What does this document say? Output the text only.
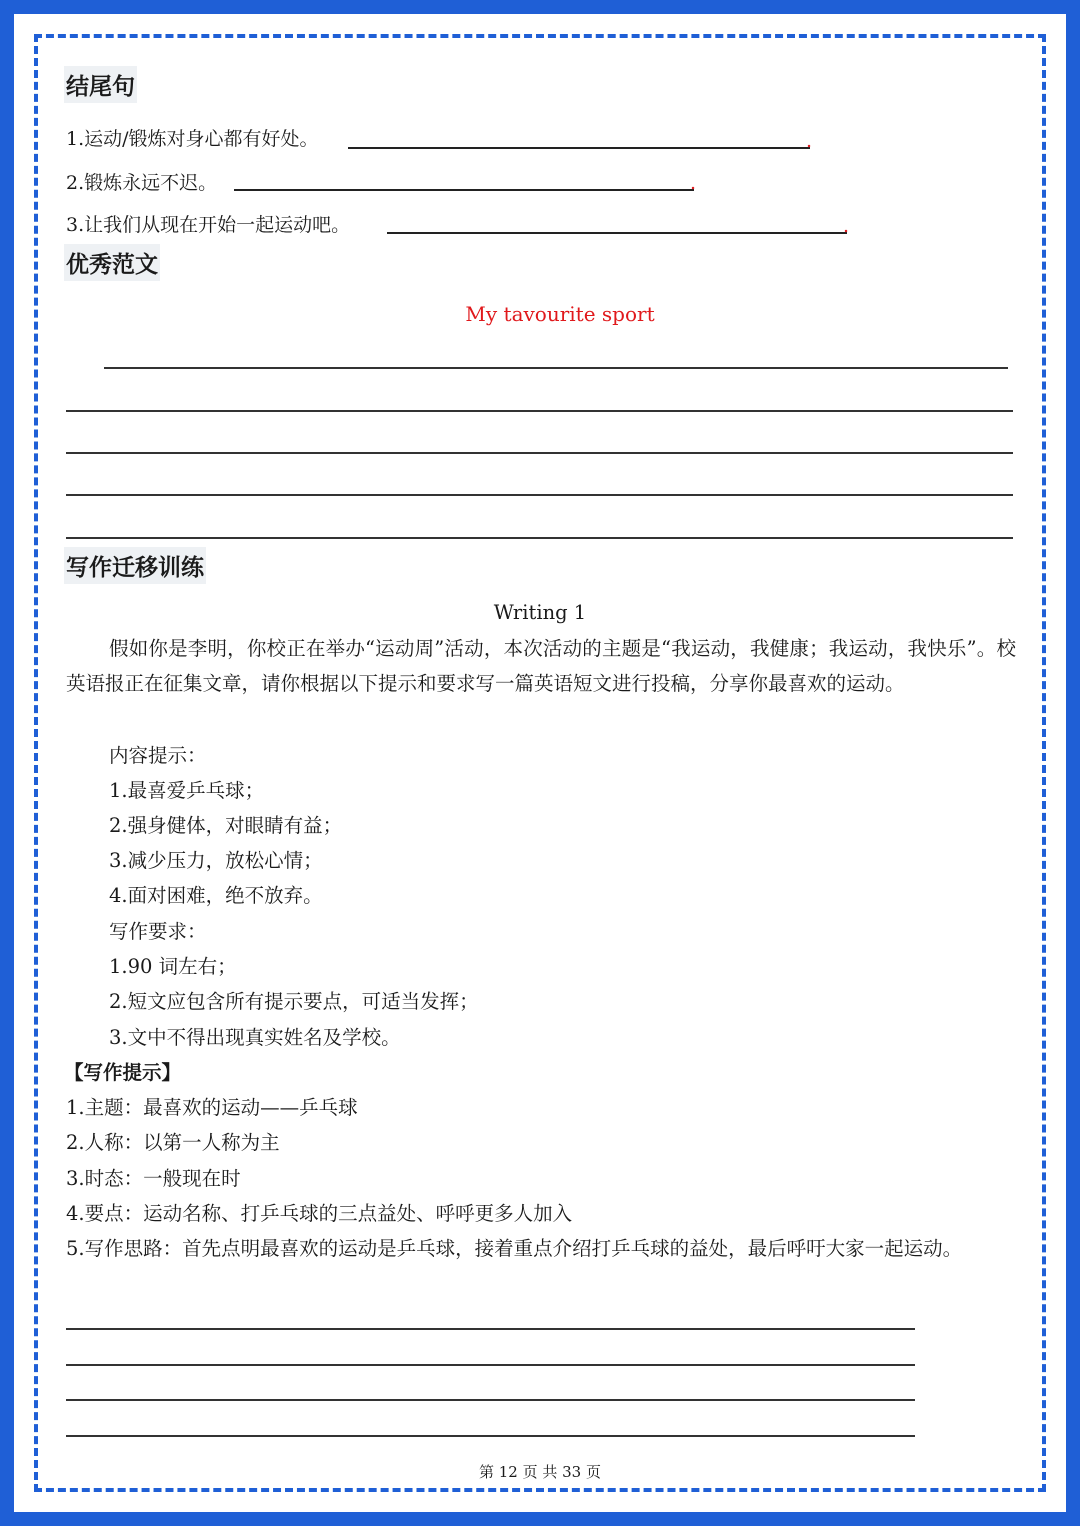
结尾句
1.运动/锻炼对身心都有好处。	.
2.锻炼永远不迟。	.
3.让我们从现在开始一起运动吧。	.
优秀范文
My tavourite sport
写作迁移训练
Writing 1
假如你是李明，你校正在举办“运动周”活动，本次活动的主题是“我运动，我健康；我运动，我快乐”。校英语报正在征集文章，请你根据以下提示和要求写一篇英语短文进行投稿，分享你最喜欢的运动。
内容提示：
1.最喜爱乒乓球；
2.强身健体，对眼睛有益；
3.减少压力，放松心情；
4.面对困难，绝不放弃。
写作要求：
1.90 词左右；
2.短文应包含所有提示要点，可适当发挥；
3.文中不得出现真实姓名及学校。
【写作提示】
1.主题：最喜欢的运动——乒乓球
2.人称：以第一人称为主
3.时态：一般现在时
4.要点：运动名称、打乒乓球的三点益处、呼呼更多人加入
5.写作思路：首先点明最喜欢的运动是乒乓球，接着重点介绍打乒乓球的益处，最后呼吁大家一起运动。
第 12 页 共 33 页
